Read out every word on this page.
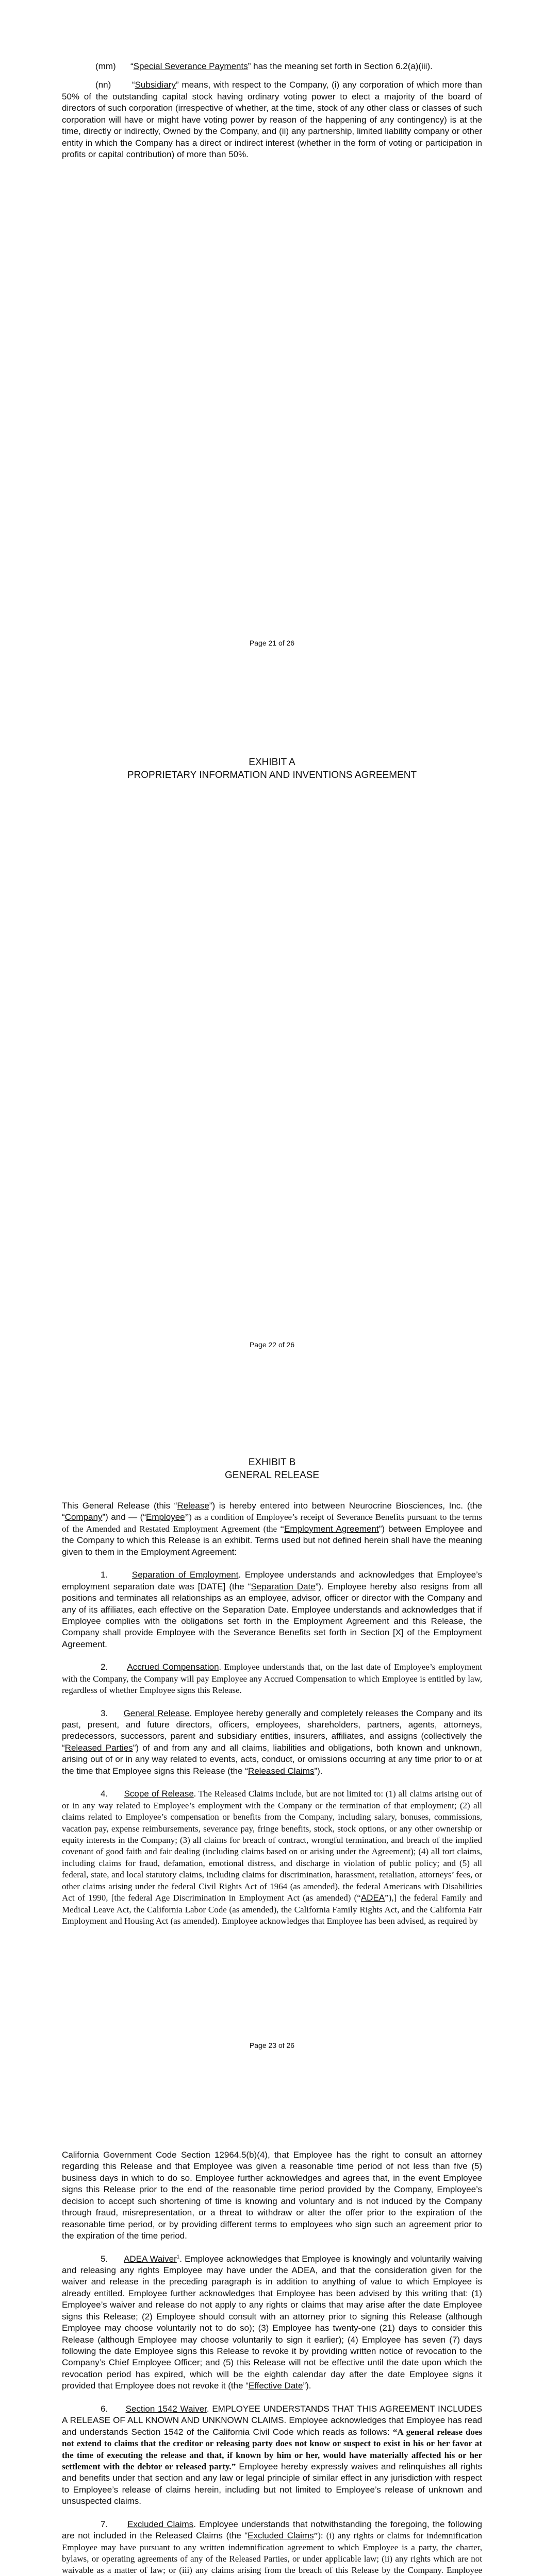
(mm)      “Special Severance Payments” has the meaning set forth in Section 6.2(a)(iii).

(nn)       “Subsidiary” means, with respect to the Company, (i) any corporation of which more than 50% of the outstanding capital stock having ordinary voting power to elect a majority of the board of directors of such corporation (irrespective of whether, at the time, stock of any other class or classes of such corporation will have or might have voting power by reason of the happening of any contingency) is at the time, directly or indirectly, Owned by the Company, and (ii) any partnership, limited liability company or other entity in which the Company has a direct or indirect interest (whether in the form of voting or participation in profits or capital contribution) of more than 50%.

Page 21 of 26
EXHIBIT A
PROPRIETARY INFORMATION AND INVENTIONS AGREEMENT
Page 22 of 26
EXHIBIT B
GENERAL RELEASE

This General Release (this “Release”) is hereby entered into between Neurocrine Biosciences, Inc. (the “Company”) and — (“Employee”) as a condition of Employee’s receipt of Severance Benefits pursuant to the terms of the Amended and Restated Employment Agreement (the “Employment Agreement”) between Employee and the Company to which this Release is an exhibit. Terms used but not defined herein shall have the meaning given to them in the Employment Agreement:

1.	Separation of Employment. Employee understands and acknowledges that Employee’s employment separation date was [DATE] (the “Separation Date”). Employee hereby also resigns from all positions and terminates all relationships as an employee, advisor, officer or director with the Company and any of its affiliates, each effective on the Separation Date. Employee understands and acknowledges that if Employee complies with the obligations set forth in the Employment Agreement and this Release, the Company shall provide Employee with the Severance Benefits set forth in Section [X] of the Employment Agreement.

2. Accrued Compensation. Employee understands that, on the last date of Employee’s employment with the Company, the Company will pay Employee any Accrued Compensation to which Employee is entitled by law, regardless of whether Employee signs this Release.

3. General Release. Employee hereby generally and completely releases the Company and its past, present, and future directors, officers, employees, shareholders, partners, agents, attorneys, predecessors, successors, parent and subsidiary entities, insurers, affiliates, and assigns (collectively the “Released Parties”) of and from any and all claims, liabilities and obligations, both known and unknown, arising out of or in any way related to events, acts, conduct, or omissions occurring at any time prior to or at the time that Employee signs this Release (the “Released Claims”).

4. Scope of Release. The Released Claims include, but are not limited to: (1) all claims arising out of or in any way related to Employee’s employment with the Company or the termination of that employment; (2) all claims related to Employee’s compensation or benefits from the Company, including salary, bonuses, commissions, vacation pay, expense reimbursements, severance pay, fringe benefits, stock, stock options, or any other ownership or equity interests in the Company; (3) all claims for breach of contract, wrongful termination, and breach of the implied covenant of good faith and fair dealing (including claims based on or arising under the Agreement); (4) all tort claims, including claims for fraud, defamation, emotional distress, and discharge in violation of public policy; and (5) all federal, state, and local statutory claims, including claims for discrimination, harassment, retaliation, attorneys’ fees, or other claims arising under the federal Civil Rights Act of 1964 (as amended), the federal Americans with Disabilities Act of 1990, [the federal Age Discrimination in Employment Act (as amended) (“ADEA”),] the federal Family and Medical Leave Act, the California Labor Code (as amended), the California Family Rights Act, and the California Fair Employment and Housing Act (as amended). Employee acknowledges that Employee has been advised, as required by

Page 23 of 26

California Government Code Section 12964.5(b)(4), that Employee has the right to consult an attorney regarding this Release and that Employee was given a reasonable time period of not less than five (5) business days in which to do so. Employee further acknowledges and agrees that, in the event Employee signs this Release prior to the end of the reasonable time period provided by the Company, Employee’s decision to accept such shortening of time is knowing and voluntary and is not induced by the Company through fraud, misrepresentation, or a threat to withdraw or alter the offer prior to the expiration of the reasonable time period, or by providing different terms to employees who sign such an agreement prior to the expiration of the time period.

5. ADEA Waiver$^1$. Employee acknowledges that Employee is knowingly and voluntarily waiving and releasing any rights Employee may have under the ADEA, and that the consideration given for the waiver and release in the preceding paragraph is in addition to anything of value to which Employee is already entitled. Employee further acknowledges that Employee has been advised by this writing that: (1) Employee’s waiver and release do not apply to any rights or claims that may arise after the date Employee signs this Release; (2) Employee should consult with an attorney prior to signing this Release (although Employee may choose voluntarily not to do so); (3) Employee has twenty-one (21) days to consider this Release (although Employee may choose voluntarily to sign it earlier); (4) Employee has seven (7) days following the date Employee signs this Release to revoke it by providing written notice of revocation to the Company’s Chief Employee Officer; and (5) this Release will not be effective until the date upon which the revocation period has expired, which will be the eighth calendar day after the date Employee signs it provided that Employee does not revoke it (the “Effective Date”).

6. Section 1542 Waiver. EMPLOYEE UNDERSTANDS THAT THIS AGREEMENT INCLUDES A RELEASE OF ALL KNOWN AND UNKNOWN CLAIMS. Employee acknowledges that Employee has read and understands Section 1542 of the California Civil Code which reads as follows: “A general release does not extend to claims that the creditor or releasing party does not know or suspect to exist in his or her favor at the time of executing the release and that, if known by him or her, would have materially affected his or her settlement with the debtor or released party.” Employee hereby expressly waives and relinquishes all rights and benefits under that section and any law or legal principle of similar effect in any jurisdiction with respect to Employee’s release of claims herein, including but not limited to Employee’s release of unknown and unsuspected claims.

7. Excluded Claims. Employee understands that notwithstanding the foregoing, the following are not included in the Released Claims (the “Excluded Claims”): (i) any rights or claims for indemnification Employee may have pursuant to any written indemnification agreement to which Employee is a party, the charter, bylaws, or operating agreements of any of the Released Parties, or under applicable law; (ii) any rights which are not waivable as a matter of law; or (iii) any claims arising from the breach of this Release by the Company. Employee
